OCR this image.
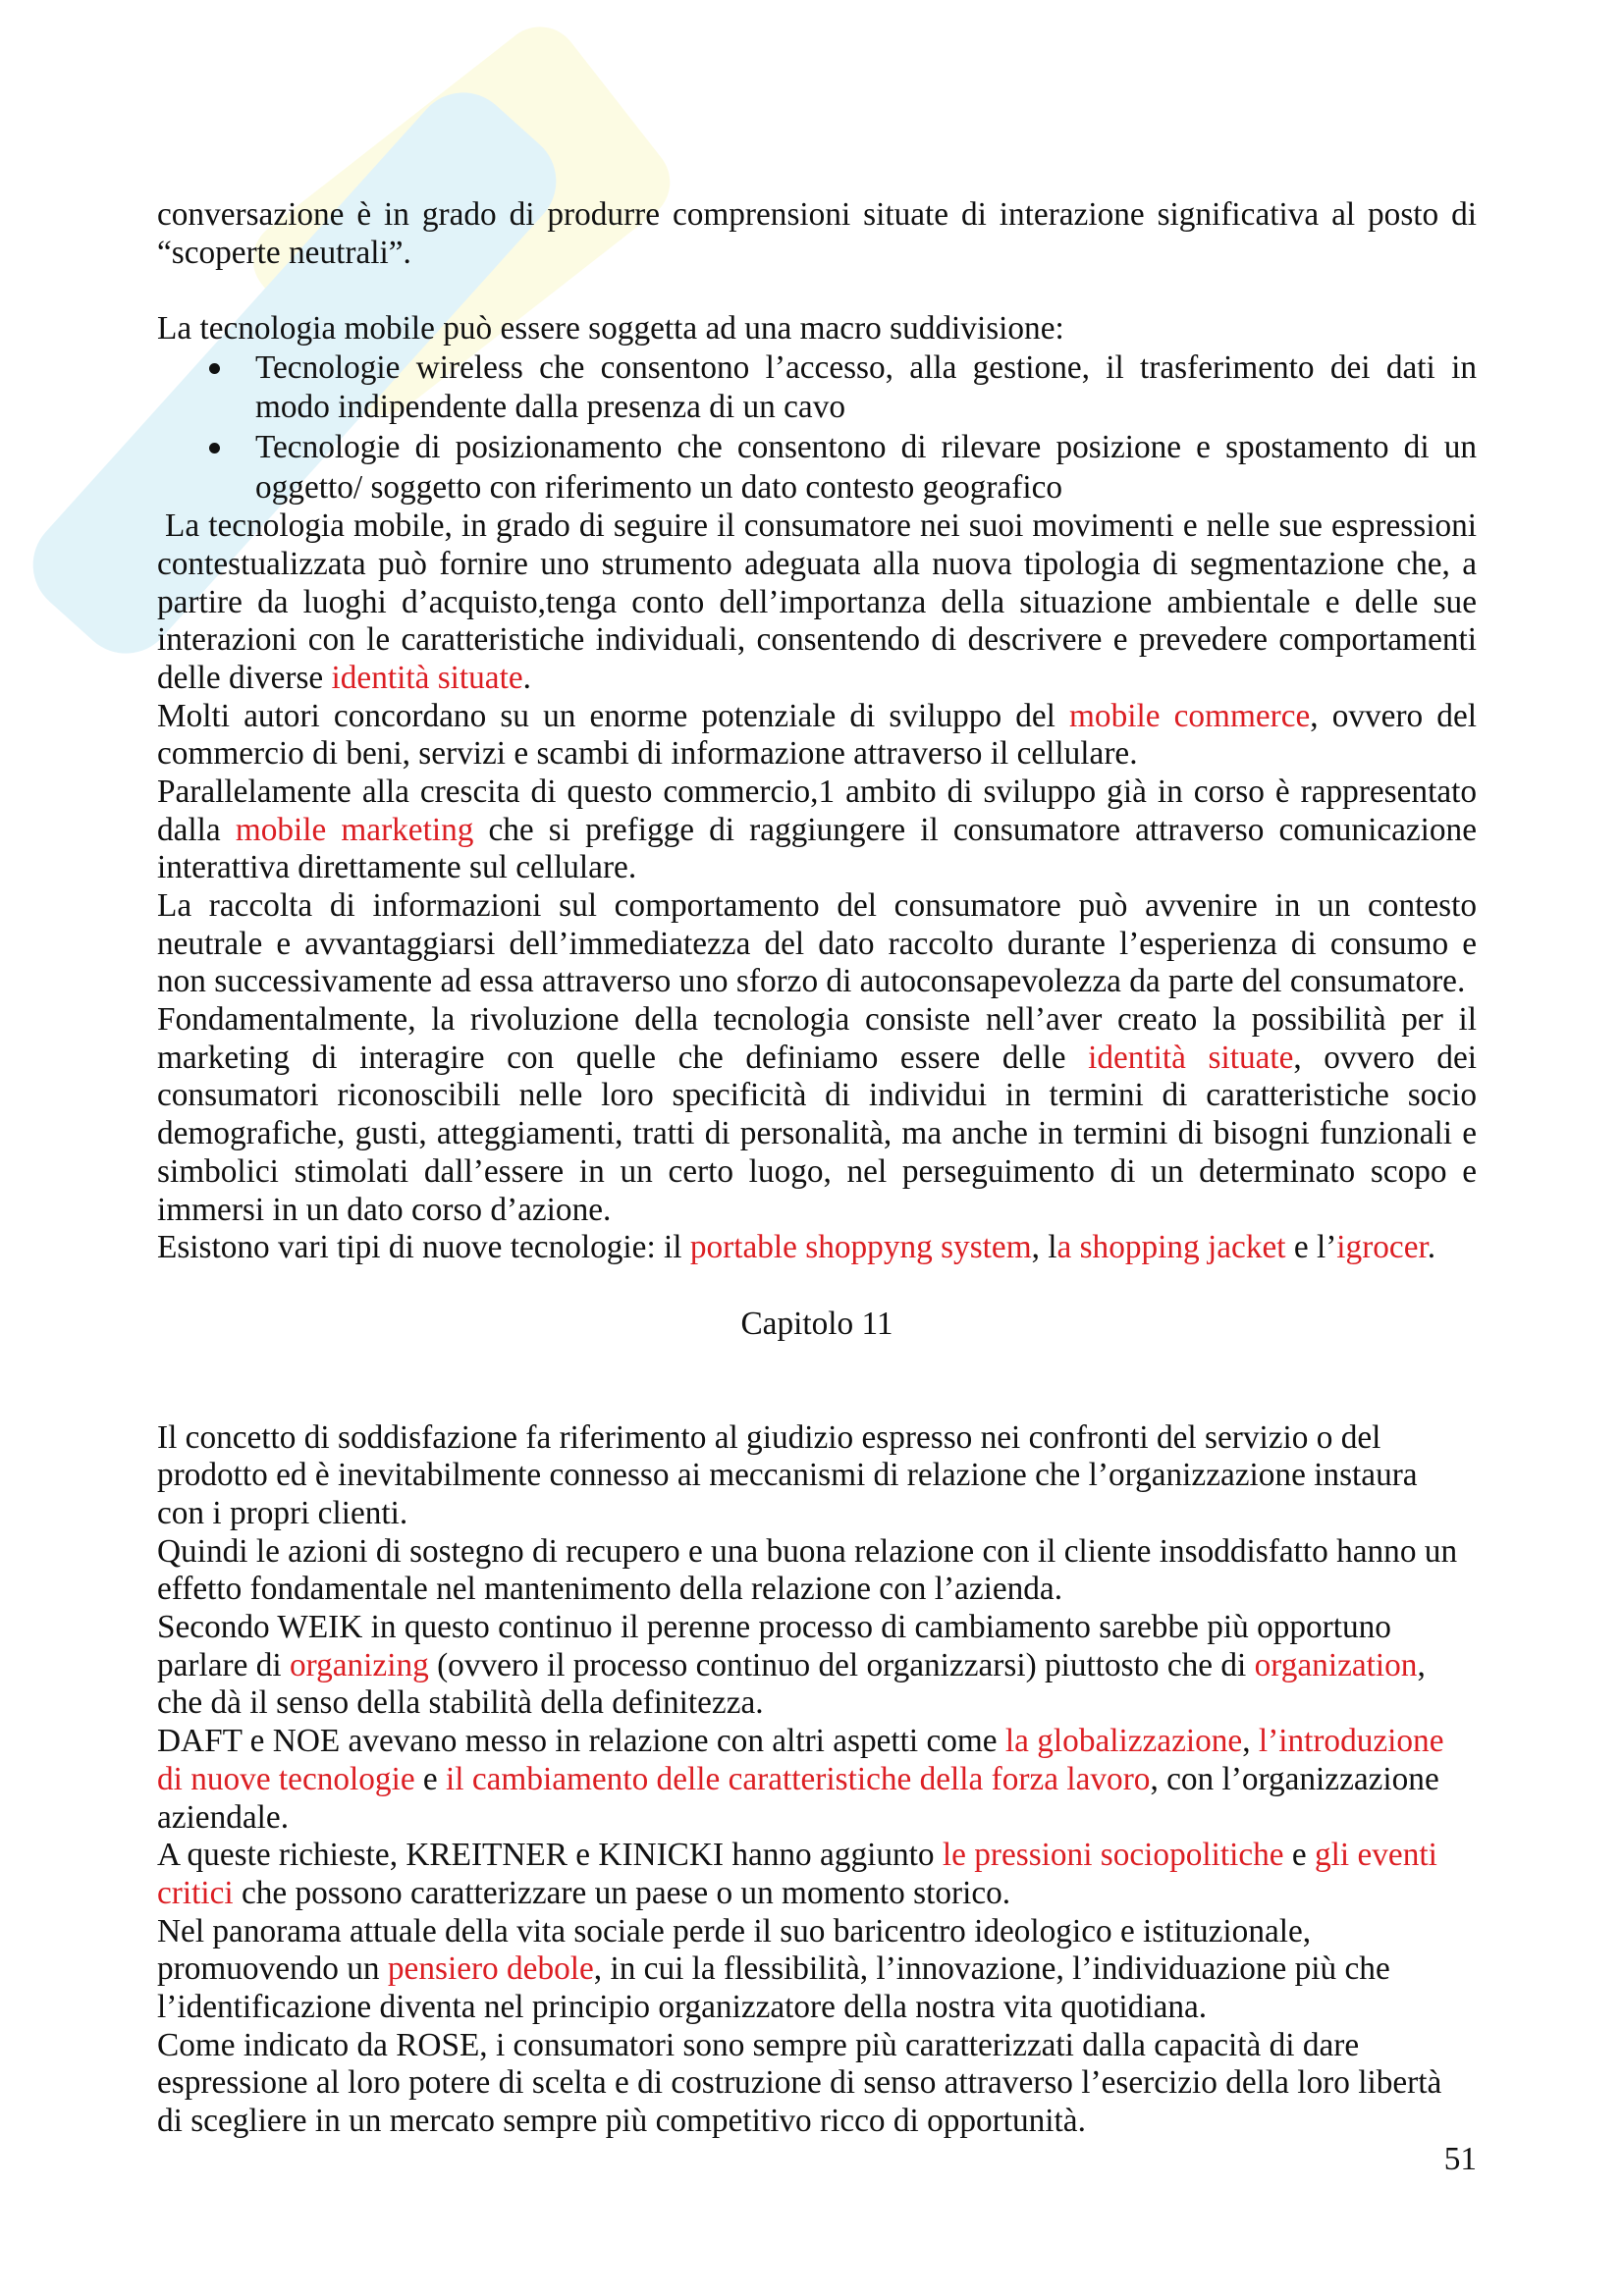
conversazione è in grado di produrre comprensioni situate di interazione significativa al posto di
“scoperte neutrali”.
La tecnologia mobile può essere soggetta ad una macro suddivisione:
Tecnologie wireless che consentono l’accesso, alla gestione, il trasferimento dei dati in
modo indipendente dalla presenza di un cavo
Tecnologie di posizionamento che consentono di rilevare posizione e spostamento di un
oggetto/ soggetto con riferimento un dato contesto geografico
La tecnologia mobile, in grado di seguire il consumatore nei suoi movimenti e nelle sue espressioni
contestualizzata può fornire uno strumento adeguata alla nuova tipologia di segmentazione che, a
partire da luoghi d’acquisto,tenga conto dell’importanza della situazione ambientale e delle sue
interazioni con le caratteristiche individuali, consentendo di descrivere e prevedere comportamenti
delle diverse identità situate.
Molti autori concordano su un enorme potenziale di sviluppo del mobile commerce, ovvero del
commercio di beni, servizi e scambi di informazione attraverso il cellulare.
Parallelamente alla crescita di questo commercio,1 ambito di sviluppo già in corso è rappresentato
dalla mobile marketing che si prefigge di raggiungere il consumatore attraverso comunicazione
interattiva direttamente sul cellulare.
La raccolta di informazioni sul comportamento del consumatore può avvenire in un contesto
neutrale e avvantaggiarsi dell’immediatezza del dato raccolto durante l’esperienza di consumo e
non successivamente ad essa attraverso uno sforzo di autoconsapevolezza da parte del consumatore.
Fondamentalmente, la rivoluzione della tecnologia consiste nell’aver creato la possibilità per il
marketing di interagire con quelle che definiamo essere delle identità situate, ovvero dei
consumatori riconoscibili nelle loro specificità di individui in termini di caratteristiche socio
demografiche, gusti, atteggiamenti, tratti di personalità, ma anche in termini di bisogni funzionali e
simbolici stimolati dall’essere in un certo luogo, nel perseguimento di un determinato scopo e
immersi in un dato corso d’azione.
Esistono vari tipi di nuove tecnologie: il portable shoppyng system, la shopping jacket e l’igrocer.
Capitolo 11
Il concetto di soddisfazione fa riferimento al giudizio espresso nei confronti del servizio o del
prodotto ed è inevitabilmente connesso ai meccanismi di relazione che l’organizzazione instaura
con i propri clienti.
Quindi le azioni di sostegno di recupero e una buona relazione con il cliente insoddisfatto hanno un
effetto fondamentale nel mantenimento della relazione con l’azienda.
Secondo WEIK in questo continuo il perenne processo di cambiamento sarebbe più opportuno
parlare di organizing (ovvero il processo continuo del organizzarsi) piuttosto che di organization,
che dà il senso della stabilità della definitezza.
DAFT e NOE avevano messo in relazione con altri aspetti come la globalizzazione, l’introduzione
di nuove tecnologie e il cambiamento delle caratteristiche della forza lavoro, con l’organizzazione
aziendale.
A queste richieste, KREITNER e KINICKI hanno aggiunto le pressioni sociopolitiche e gli eventi
critici che possono caratterizzare un paese o un momento storico.
Nel panorama attuale della vita sociale perde il suo baricentro ideologico e istituzionale,
promuovendo un pensiero debole, in cui la flessibilità, l’innovazione, l’individuazione più che
l’identificazione diventa nel principio organizzatore della nostra vita quotidiana.
Come indicato da ROSE, i consumatori sono sempre più caratterizzati dalla capacità di dare
espressione al loro potere di scelta e di costruzione di senso attraverso l’esercizio della loro libertà
di scegliere in un mercato sempre più competitivo ricco di opportunità.
51
